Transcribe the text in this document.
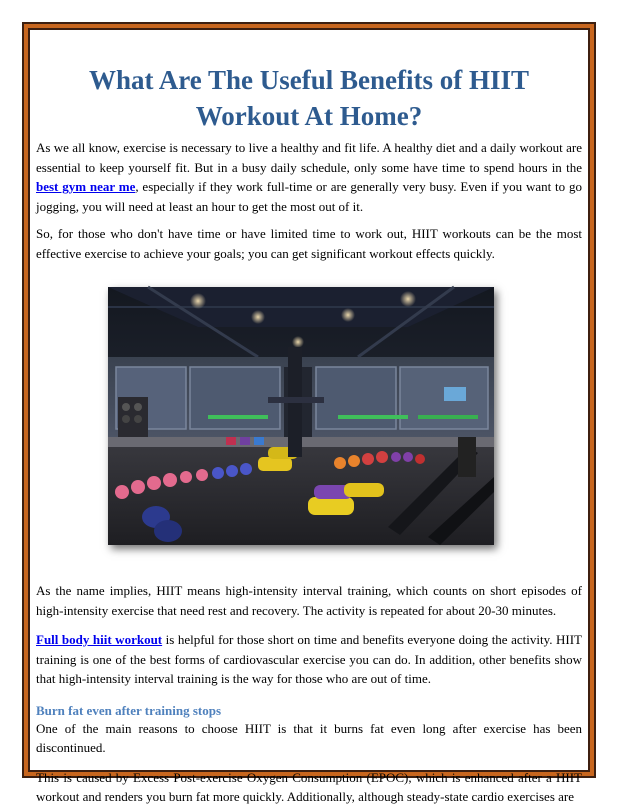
What Are The Useful Benefits of HIIT Workout At Home?

As we all know, exercise is necessary to live a healthy and fit life. A healthy diet and a daily workout are essential to keep yourself fit. But in a busy daily schedule, only some have time to spend hours in the best gym near me, especially if they work full-time or are generally very busy. Even if you want to go jogging, you will need at least an hour to get the most out of it.

So, for those who don't have time or have limited time to work out, HIIT workouts can be the most effective exercise to achieve your goals; you can get significant workout effects quickly.

As the name implies, HIIT means high-intensity interval training, which counts on short episodes of high-intensity exercise that need rest and recovery. The activity is repeated for about 20-30 minutes.

Full body hiit workout is helpful for those short on time and benefits everyone doing the activity. HIIT training is one of the best forms of cardiovascular exercise you can do. In addition, other benefits show that high-intensity interval training is the way for those who are out of time.

Burn fat even after training stops

One of the main reasons to choose HIIT is that it burns fat even long after exercise has been discontinued.

This is caused by Excess Post-exercise Oxygen Consumption (EPOC), which is enhanced after a HIIT workout and renders you burn fat more quickly. Additionally, although steady-state cardio exercises are
